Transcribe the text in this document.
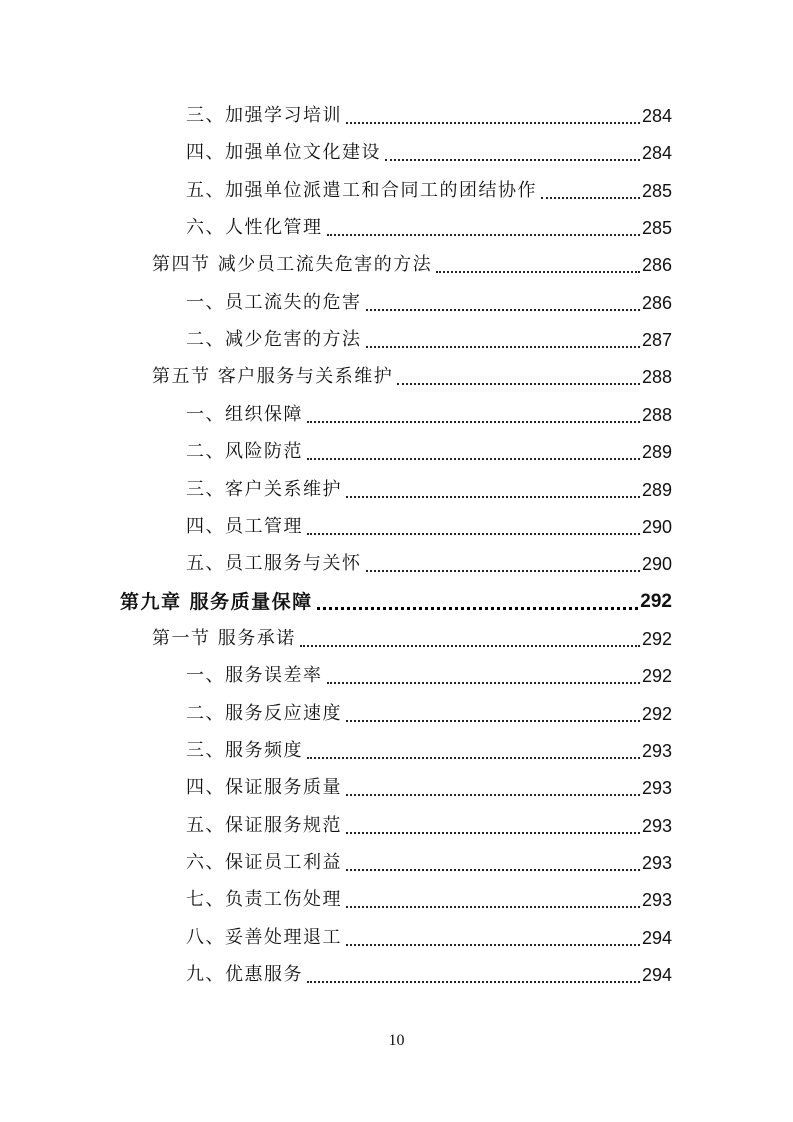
三、加强学习培训	284
四、加强单位文化建设	284
五、加强单位派遣工和合同工的团结协作	285
六、人性化管理	285
第四节 减少员工流失危害的方法	286
一、员工流失的危害	286
二、减少危害的方法	287
第五节 客户服务与关系维护	288
一、组织保障	288
二、风险防范	289
三、客户关系维护	289
四、员工管理	290
五、员工服务与关怀	290
第九章 服务质量保障	292
第一节 服务承诺	292
一、服务误差率	292
二、服务反应速度	292
三、服务频度	293
四、保证服务质量	293
五、保证服务规范	293
六、保证员工利益	293
七、负责工伤处理	293
八、妥善处理退工	294
九、优惠服务	294
10
